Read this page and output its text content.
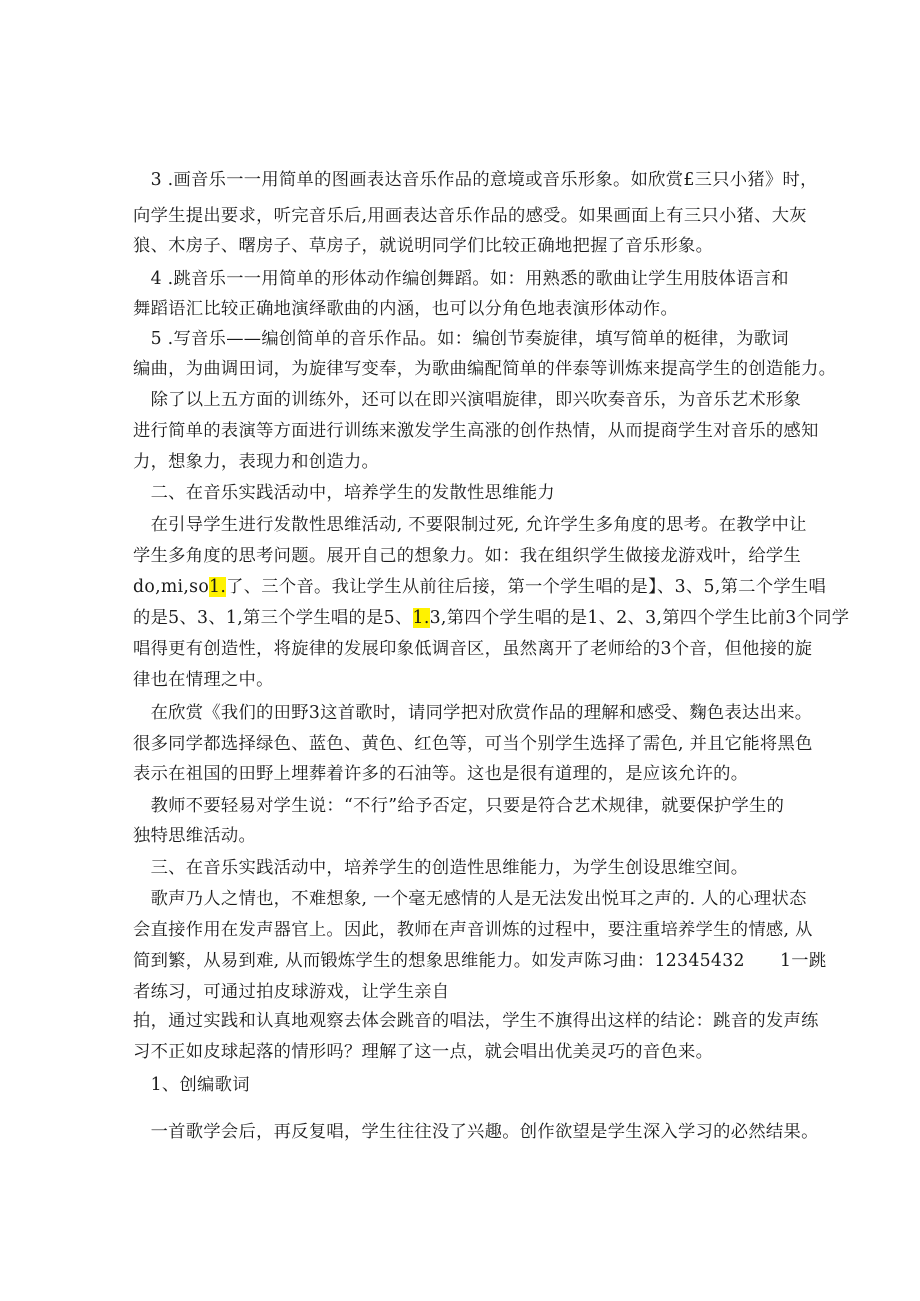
　3 .画音乐一一用简单的图画表达音乐作品的意境或音乐形象。如欣赏£三只小猪》时，
向学生提出要求，听完音乐后,用画表达音乐作品的感受。如果画面上有三只小猪、大灰
狼、木房子、曙房子、草房子，就说明同学们比较正确地把握了音乐形象。
　4 .跳音乐一一用简单的形体动作编创舞蹈。如：用熟悉的歌曲让学生用肢体语言和
舞蹈语汇比较正确地演绎歌曲的内涵，也可以分角色地表演形体动作。
　5 .写音乐——编创简单的音乐作品。如：编创节奏旋律，填写简单的梃律，为歌词
编曲，为曲调田词，为旋律写变奉，为歌曲编配简单的伴泰等训炼来提高学生的创造能力。
　除了以上五方面的训练外，还可以在即兴演唱旋律，即兴吹奏音乐，为音乐艺术形象
进行简单的表演等方面进行训练来激发学生高涨的创作热情，从而提商学生对音乐的感知
力，想象力，表现力和创造力。
　二、在音乐实践活动中，培养学生的发散性思维能力
　在引导学生进行发散性思维活动, 不要限制过死, 允许学生多角度的思考。在教学中让
学生多角度的思考问题。展开自己的想象力。如：我在组织学生做接龙游戏叶，给学生
do,mi,so1.了、三个音。我让学生从前往后接，第一个学生唱的是】、3、5,第二个学生唱
的是5、3、1,第三个学生唱的是5、1.3,第四个学生唱的是1、2、3,第四个学生比前3个同学
唱得更有创造性，将旋律的发展印象低调音区，虽然离开了老师给的3个音，但他接的旋
律也在情理之中。
　在欣赏《我们的田野3这首歌时，请同学把对欣赏作品的理解和感受、麴色表达出来。
很多同学都选择绿色、蓝色、黄色、红色等，可当个别学生选择了需色, 并且它能将黑色
表示在祖国的田野上埋葬着许多的石油等。这也是很有道理的，是应该允许的。
　教师不要轻易对学生说：“不行”给予否定，只要是符合艺术规律，就要保护学生的
独特思维活动。
　三、在音乐实践活动中，培养学生的创造性思维能力，为学生创设思维空间。
　歌声乃人之情也，不难想象, 一个毫无感情的人是无法发出悦耳之声的. 人的心理状态
会直接作用在发声器官上。因此，教师在声音训炼的过程中，要注重培养学生的情感, 从
简到繁，从易到难, 从而锻炼学生的想象思维能力。如发声陈习曲：12345432　　1一跳
者练习，可通过拍皮球游戏，让学生亲自
拍，通过实践和认真地观察去体会跳音的唱法，学生不旗得出这样的结论：跳音的发声练
习不正如皮球起落的情形吗？理解了这一点，就会唱出优美灵巧的音色来。
　1、创编歌词
　一首歌学会后，再反复唱，学生往往没了兴趣。创作欲望是学生深入学习的必然结果。
